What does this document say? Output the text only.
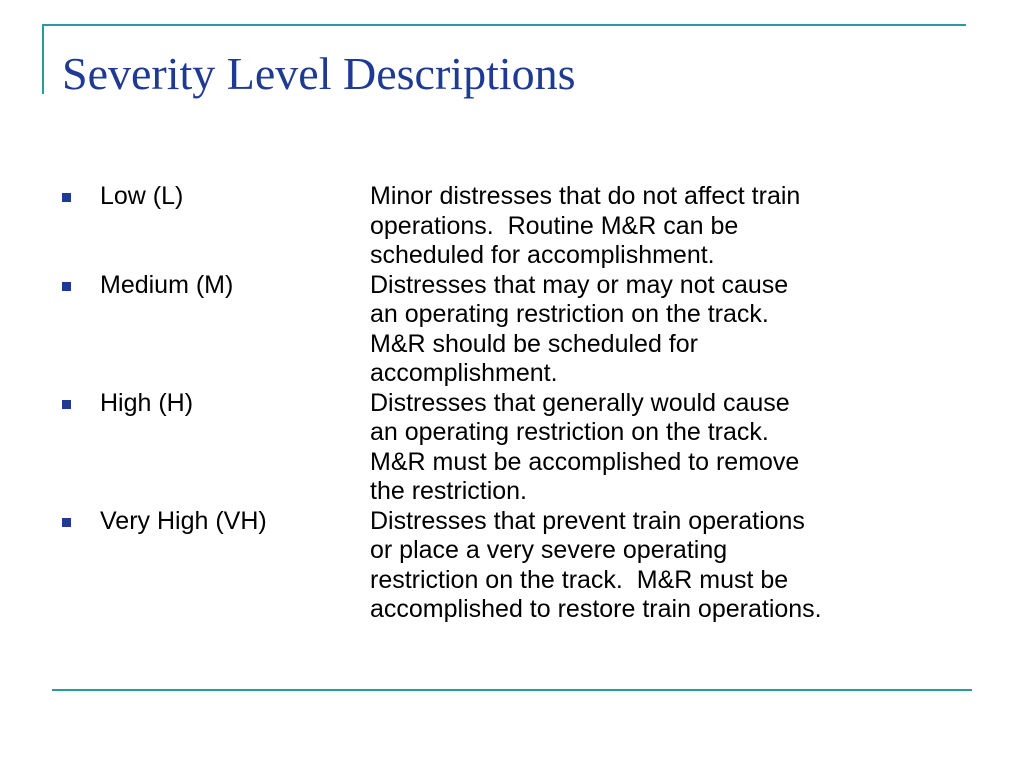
Severity Level Descriptions
Low (L)	Minor distresses that do not affect train
operations.  Routine M&R can be
scheduled for accomplishment.
Medium (M)	Distresses that may or may not cause
an operating restriction on the track.
M&R should be scheduled for
accomplishment.
High (H)	Distresses that generally would cause
an operating restriction on the track.
M&R must be accomplished to remove
the restriction.
Very High (VH)	Distresses that prevent train operations
or place a very severe operating
restriction on the track.  M&R must be
accomplished to restore train operations.
